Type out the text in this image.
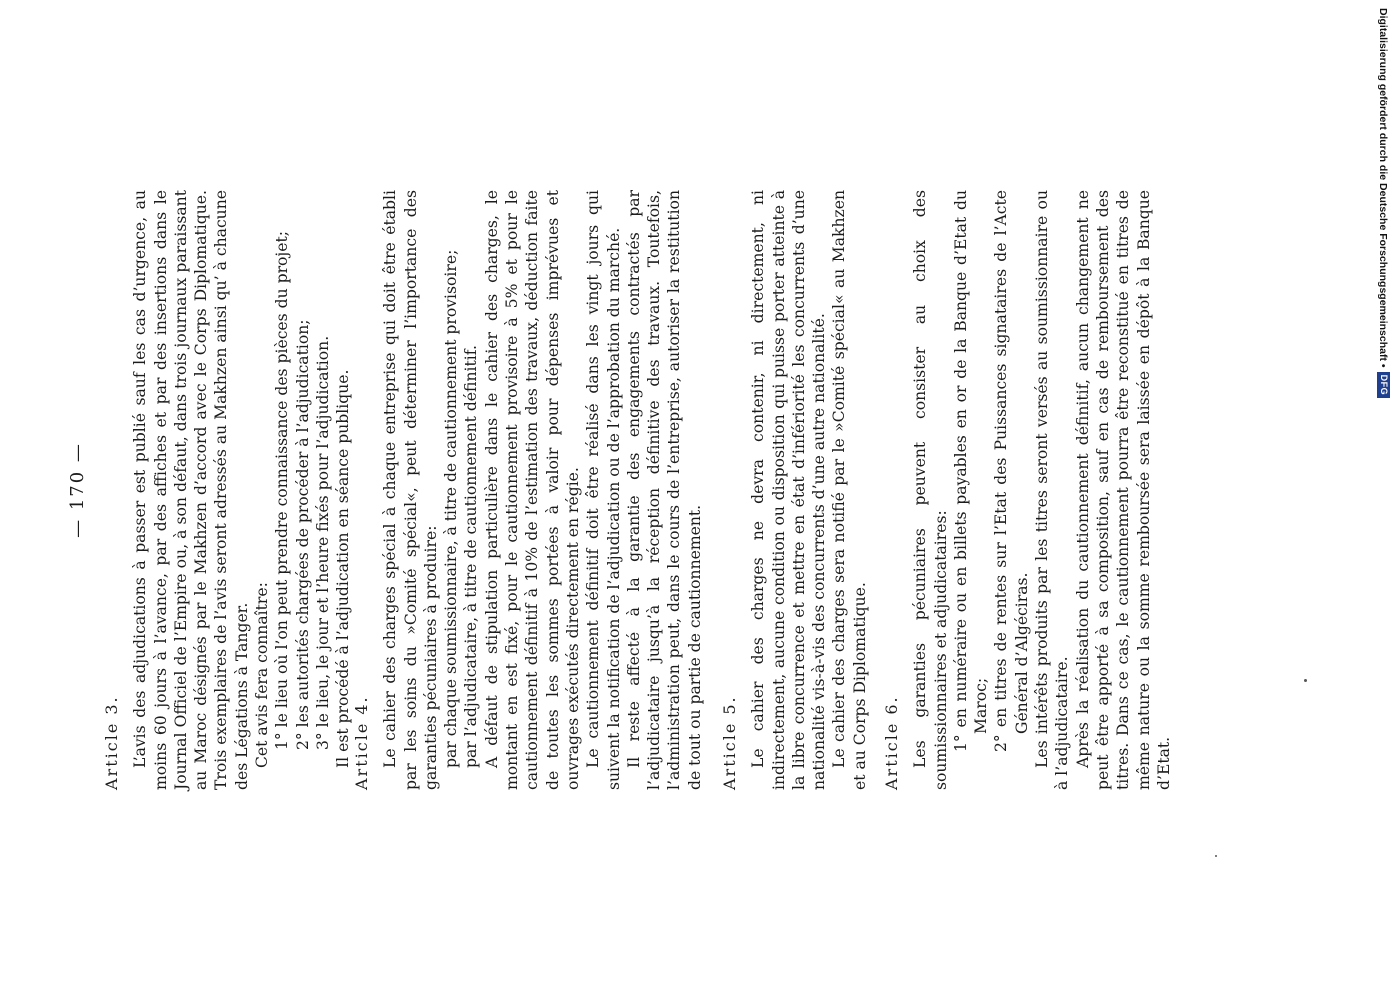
— 170 —

Article 3. L’avis des adjudications à passer est publié sauf les cas d’urgence, au moins 60 jours à l’avance, par des affiches et par des insertions dans le Journal Officiel de l’Empire ou, à son défaut, dans trois journaux paraissant au Maroc désignés par le Makhzen d’accord avec le Corps Diplomatique. Trois exemplaires de l’avis seront adressés au Makhzen ainsi qu’ à chacune des Légations à Tanger. Cet avis fera connaître: 1° le lieu où l’on peut prendre connaissance des pièces du projet; 2° les autorités chargées de procéder à l’adjudication; 3° le lieu, le jour et l’heure fixés pour l’adjudication. Il est procédé à l’adjudication en séance publique. Article 4. Le cahier des charges spécial à chaque entreprise qui doit être établi par les soins du »Comité spécial«, peut déterminer l’importance des garanties pécuniaires à produire: par chaque soumissionnaire, à titre de cautionnement provisoire; par l’adjudicataire, à titre de cautionnement définitif. A défaut de stipulation particulière dans le cahier des charges, le montant en est fixé, pour le cautionnement provisoire à 5% et pour le cautionnement définitif à 10% de l’estimation des travaux, déduction faite de toutes les sommes portées à valoir pour dépenses imprévues et ouvrages exécutés directement en régie. Le cautionnement définitif doit être réalisé dans les vingt jours qui suivent la notification de l’adjudication ou de l’approbation du marché. Il reste affecté à la garantie des engagements contractés par l’adjudicataire jusqu’à la réception définitive des travaux. Toutefois, l’administration peut, dans le cours de l’entreprise, autoriser la restitution de tout ou partie de cautionnement. Article 5. Le cahier des charges ne devra contenir, ni directement, ni indirectement, aucune condition ou disposition qui puisse porter atteinte à la libre concurrence et mettre en état d’infériorité les concurrents d’une nationalité vis-à-vis des concurrents d’une autre nationalité. Le cahier des charges sera notifié par le »Comité spécial« au Makhzen et au Corps Diplomatique. Article 6. Les garanties pécuniaires peuvent consister au choix des soumissionnaires et adjudicataires: 1° en numéraire ou en billets payables en or de la Banque d’Etat du Maroc; 2° en titres de rentes sur l’Etat des Puissances signataires de l’Acte Général d’Algéciras. Les intérêts produits par les titres seront versés au soumissionnaire ou à l’adjudicataire. Après la réalisation du cautionnement définitif, aucun changement ne peut être apporté à sa composition, sauf en cas de remboursement des titres. Dans ce cas, le cautionnement pourra être reconstitué en titres de même nature ou la somme remboursée sera laissée en dépôt à la Banque d’Etat.

Digitalisierung gefördert durch die Deutsche Forschungsgemeinschaft •
DFG
